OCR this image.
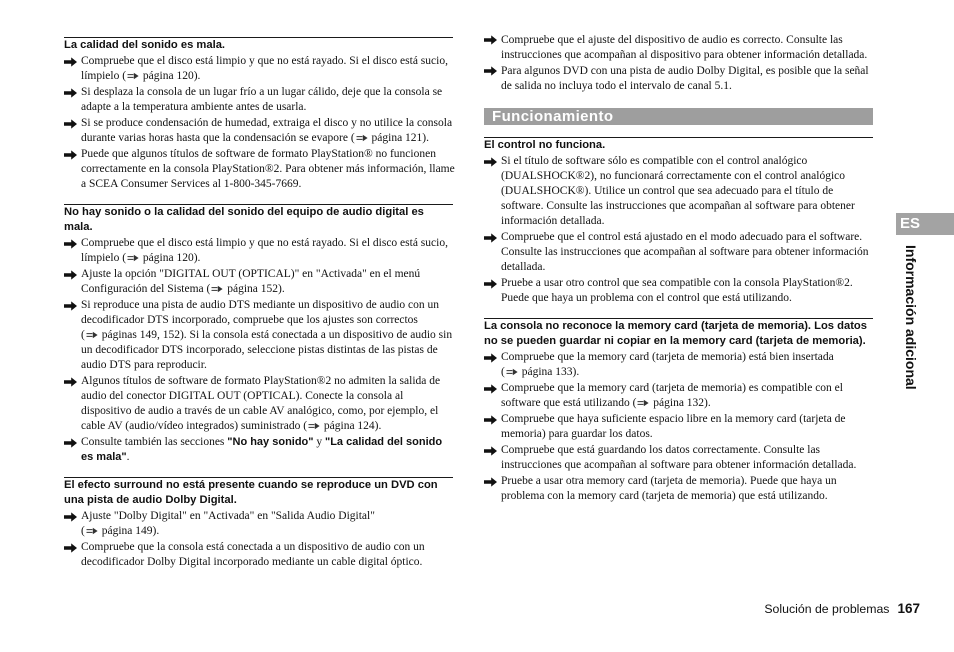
La calidad del sonido es mala.
Compruebe que el disco está limpio y que no está rayado. Si el disco está sucio,
límpielo (
página 120).
Si desplaza la consola de un lugar frío a un lugar cálido, deje que la consola se
adapte a la temperatura ambiente antes de usarla.
Si se produce condensación de humedad, extraiga el disco y no utilice la consola
durante varias horas hasta que la condensación se evapore (
página 121).
Puede que algunos títulos de software de formato PlayStation® no funcionen
correctamente en la consola PlayStation®2. Para obtener más información, llame
a SCEA Consumer Services al 1-800-345-7669.
No hay sonido o la calidad del sonido del equipo de audio digital es
mala.
Compruebe que el disco está limpio y que no está rayado. Si el disco está sucio,
límpielo (
página 120).
Ajuste la opción "DIGITAL OUT (OPTICAL)" en "Activada" en el menú
Configuración del Sistema (
página 152).
Si reproduce una pista de audio DTS mediante un dispositivo de audio con un
decodificador DTS incorporado, compruebe que los ajustes son correctos
(
páginas 149, 152). Si la consola está conectada a un dispositivo de audio sin
un decodificador DTS incorporado, seleccione pistas distintas de las pistas de
audio DTS para reproducir.
Algunos títulos de software de formato PlayStation®2 no admiten la salida de
audio del conector DIGITAL OUT (OPTICAL). Conecte la consola al
dispositivo de audio a través de un cable AV analógico, como, por ejemplo, el
cable AV (audio/vídeo integrados) suministrado (
página 124).
Consulte también las secciones "No hay sonido" y "La calidad del sonido
es mala".
El efecto surround no está presente cuando se reproduce un DVD con
una pista de audio Dolby Digital.
Ajuste "Dolby Digital" en "Activada" en "Salida Audio Digital"
(
página 149).
Compruebe que la consola está conectada a un dispositivo de audio con un
decodificador Dolby Digital incorporado mediante un cable digital óptico.
Compruebe que el ajuste del dispositivo de audio es correcto. Consulte las
instrucciones que acompañan al dispositivo para obtener información detallada.
Para algunos DVD con una pista de audio Dolby Digital, es posible que la señal
de salida no incluya todo el intervalo de canal 5.1.
Funcionamiento
El control no funciona.
Si el título de software sólo es compatible con el control analógico
(DUALSHOCK®2), no funcionará correctamente con el control analógico
(DUALSHOCK®). Utilice un control que sea adecuado para el título de
software. Consulte las instrucciones que acompañan al software para obtener
información detallada.
Compruebe que el control está ajustado en el modo adecuado para el software.
Consulte las instrucciones que acompañan al software para obtener información
detallada.
Pruebe a usar otro control que sea compatible con la consola PlayStation®2.
Puede que haya un problema con el control que está utilizando.
La consola no reconoce la memory card (tarjeta de memoria). Los datos
no se pueden guardar ni copiar en la memory card (tarjeta de memoria).
Compruebe que la memory card (tarjeta de memoria) está bien insertada
(
página 133).
Compruebe que la memory card (tarjeta de memoria) es compatible con el
software que está utilizando (
página 132).
Compruebe que haya suficiente espacio libre en la memory card (tarjeta de
memoria) para guardar los datos.
Compruebe que está guardando los datos correctamente. Consulte las
instrucciones que acompañan al software para obtener información detallada.
Pruebe a usar otra memory card (tarjeta de memoria). Puede que haya un
problema con la memory card (tarjeta de memoria) que está utilizando.
ES
Información adicional
Solución de problemas 167
